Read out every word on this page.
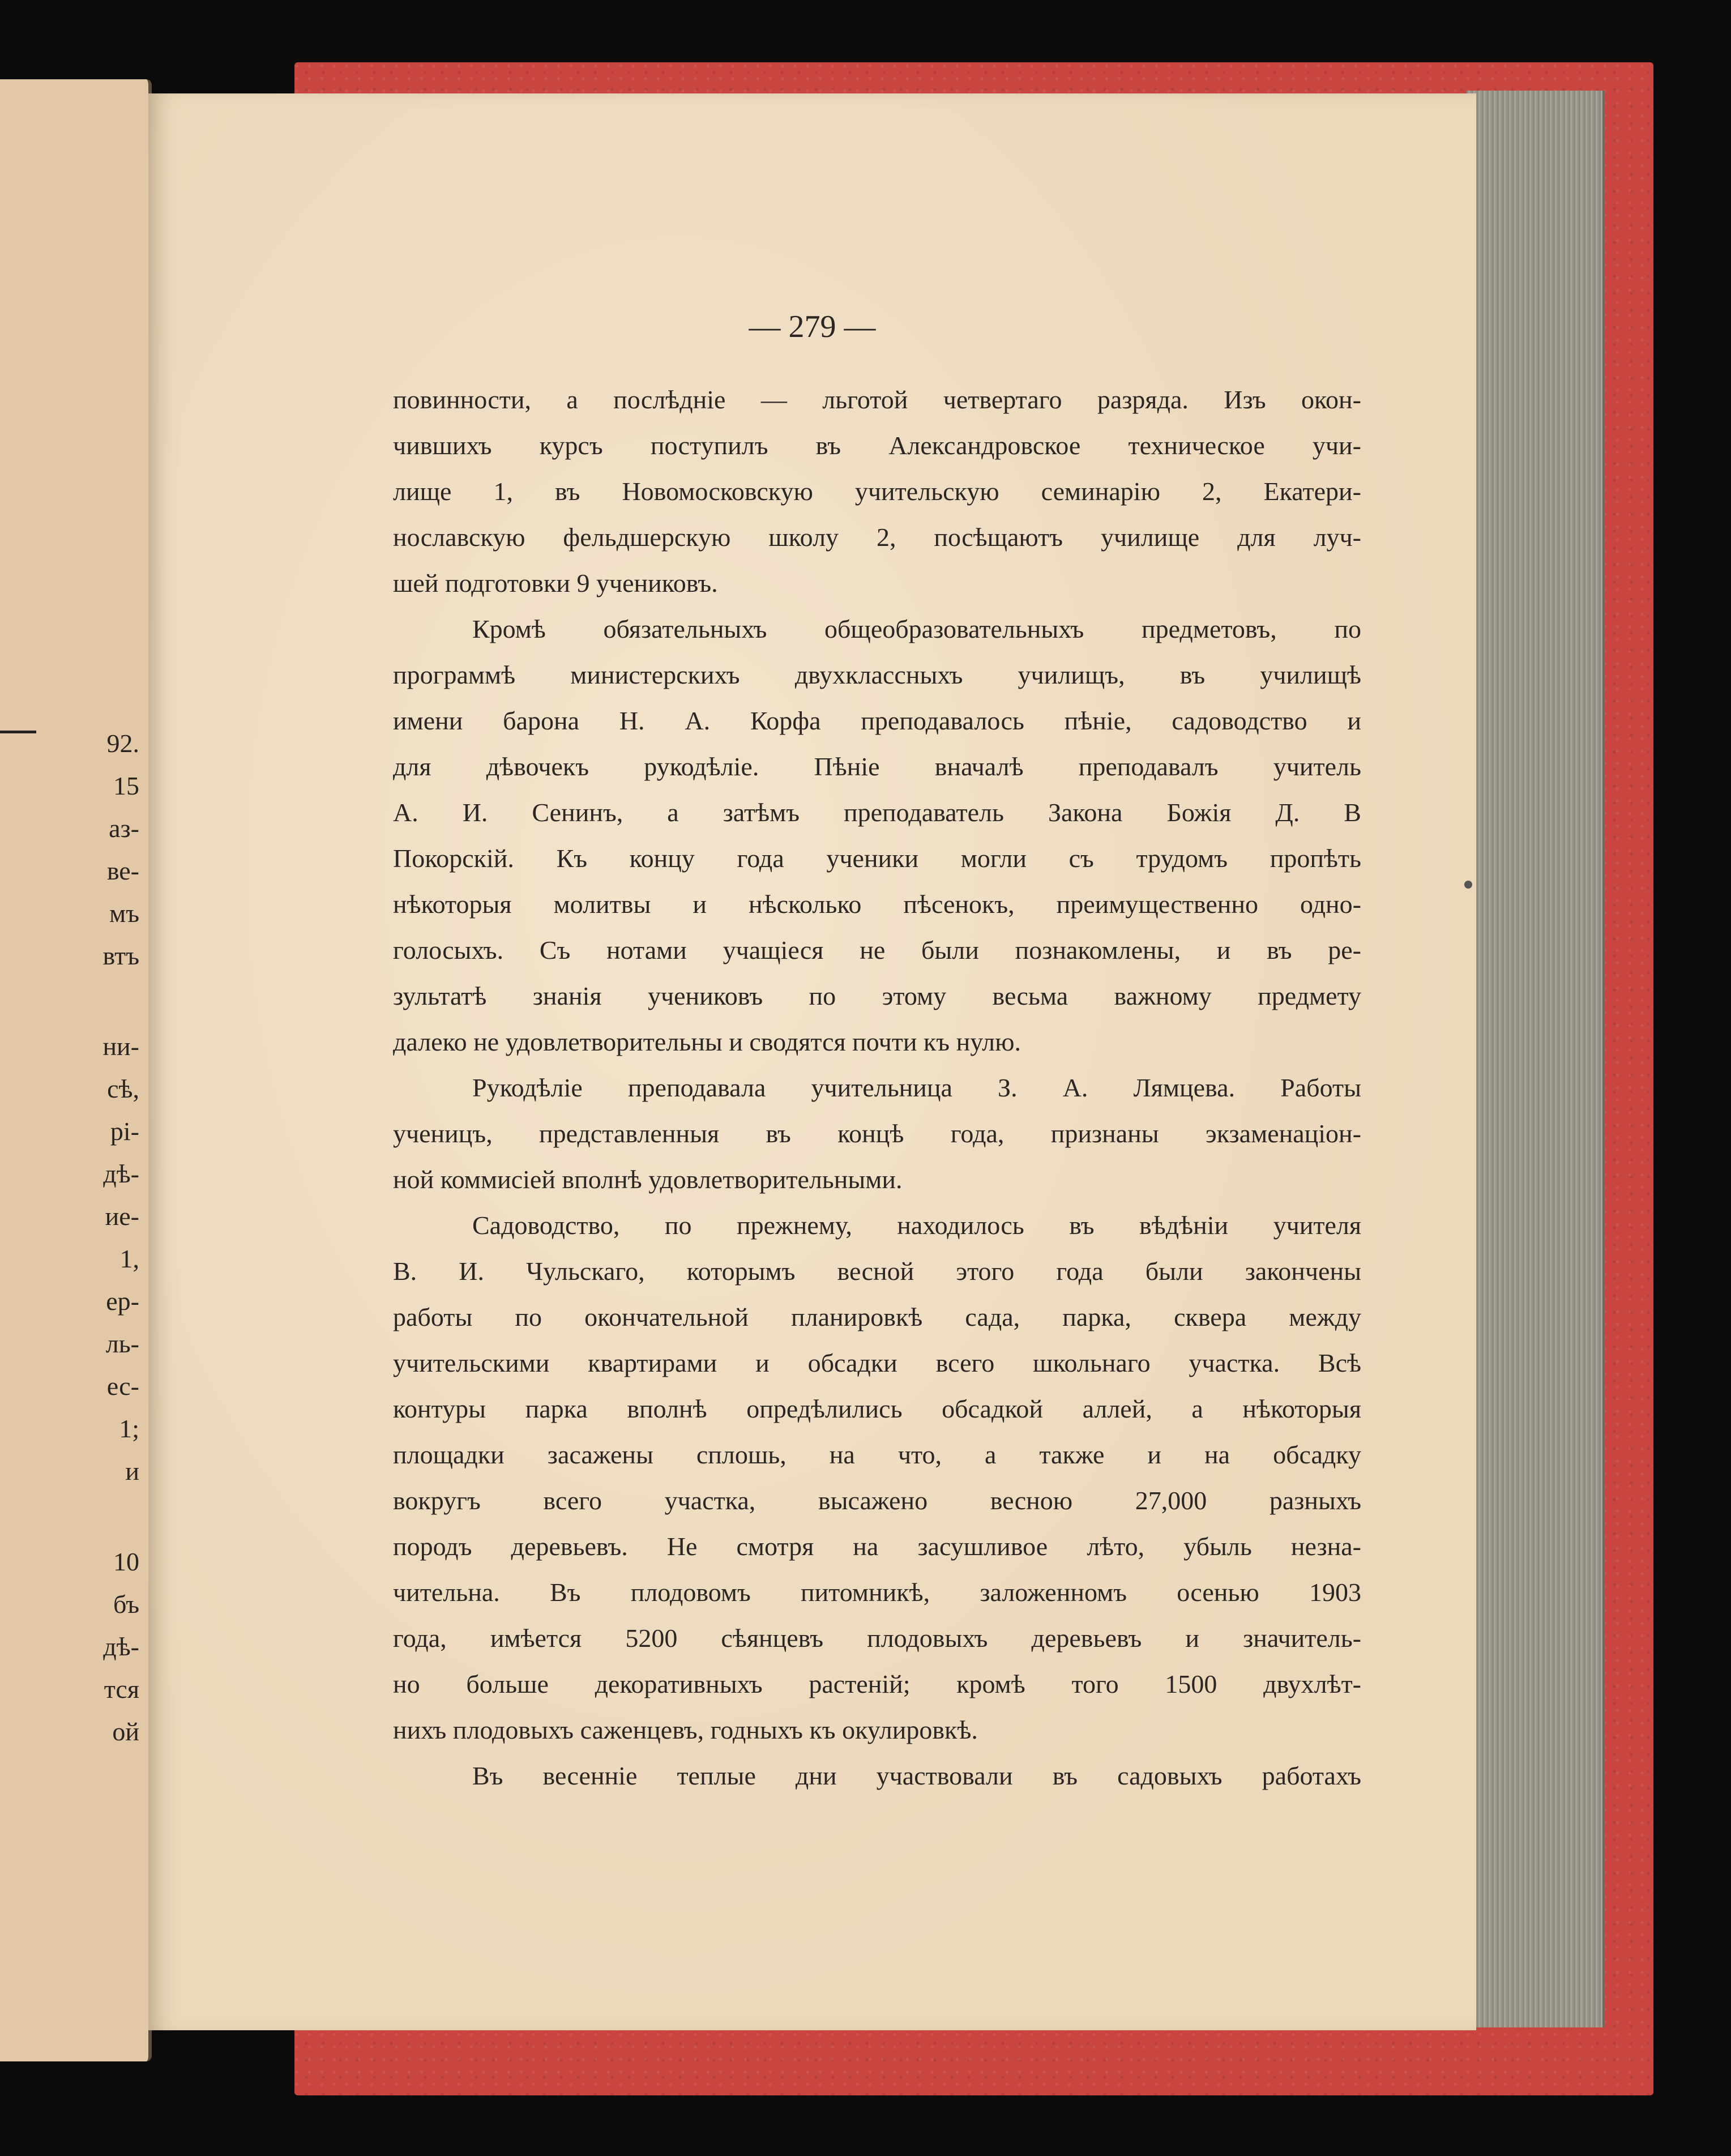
92.
15
аз-
ве-
мъ
втъ
ни-
сѣ,
рі-
дѣ-
ие-
1,
ер-
ль-
ес-
1;
и
10
бъ
дѣ-
тся
ой
— 279 —
повинности, а послѣдніе — льготой четвертаго разряда. Изъ окон-
чившихъ курсъ поступилъ въ Александровское техническое учи-
лище 1, въ Новомосковскую учительскую семинарію 2, Екатери-
нославскую фельдшерскую школу 2, посѣщаютъ училище для луч-
шей подготовки 9 учениковъ.
Кромѣ обязательныхъ общеобразовательныхъ предметовъ, по
программѣ министерскихъ двухклассныхъ училищъ, въ училищѣ
имени барона Н. А. Корфа преподавалось пѣніе, садоводство и
для дѣвочекъ рукодѣліе. Пѣніе вначалѣ преподавалъ учитель
А. И. Сенинъ, а затѣмъ преподаватель Закона Божія Д. В
Покорскій. Къ концу года ученики могли съ трудомъ пропѣть
нѣкоторыя молитвы и нѣсколько пѣсенокъ, преимущественно одно-
голосыхъ. Съ нотами учащіеся не были познакомлены, и въ ре-
зультатѣ знанія учениковъ по этому весьма важному предмету
далеко не удовлетворительны и сводятся почти къ нулю.
Рукодѣліе преподавала учительница З. А. Лямцева. Работы
ученицъ, представленныя въ концѣ года, признаны экзаменаціон-
ной коммисіей вполнѣ удовлетворительными.
Садоводство, по прежнему, находилось въ вѣдѣніи учителя
В. И. Чульскаго, которымъ весной этого года были закончены
работы по окончательной планировкѣ сада, парка, сквера между
учительскими квартирами и обсадки всего школьнаго участка. Всѣ
контуры парка вполнѣ опредѣлились обсадкой аллей, а нѣкоторыя
площадки засажены сплошь, на что, а также и на обсадку
вокругъ всего участка, высажено весною 27,000 разныхъ
породъ деревьевъ. Не смотря на засушливое лѣто, убыль незна-
чительна. Въ плодовомъ питомникѣ, заложенномъ осенью 1903
года, имѣется 5200 сѣянцевъ плодовыхъ деревьевъ и значитель-
но больше декоративныхъ растеній; кромѣ того 1500 двухлѣт-
нихъ плодовыхъ саженцевъ, годныхъ къ окулировкѣ.
Въ весенніе теплые дни участвовали въ садовыхъ работахъ
